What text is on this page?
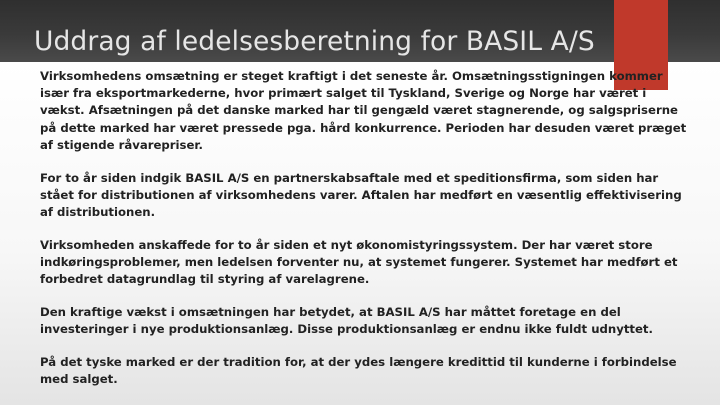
Uddrag af ledelsesberetning for BASIL A/S

Virksomhedens omsætning er steget kraftigt i det seneste år. Omsætningsstigningen kommer især fra eksportmarkederne, hvor primært salget til Tyskland, Sverige og Norge har været i vækst. Afsætningen på det danske marked har til gengæld været stagnerende, og salgspriserne på dette marked har været pressede pga. hård konkurrence. Perioden har desuden været præget af stigende råvarepriser.

For to år siden indgik BASIL A/S en partnerskabsaftale med et speditionsfirma, som siden har stået for distributionen af virksomhedens varer. Aftalen har medført en væsentlig effektivisering af distributionen.

Virksomheden anskaffede for to år siden et nyt økonomistyringssystem. Der har været store indkøringsproblemer, men ledelsen forventer nu, at systemet fungerer. Systemet har medført et forbedret datagrundlag til styring af varelagrene.

Den kraftige vækst i omsætningen har betydet, at BASIL A/S har måttet foretage en del investeringer i nye produktionsanlæg. Disse produktionsanlæg er endnu ikke fuldt udnyttet.

På det tyske marked er der tradition for, at der ydes længere kredittid til kunderne i forbindelse med salget.
